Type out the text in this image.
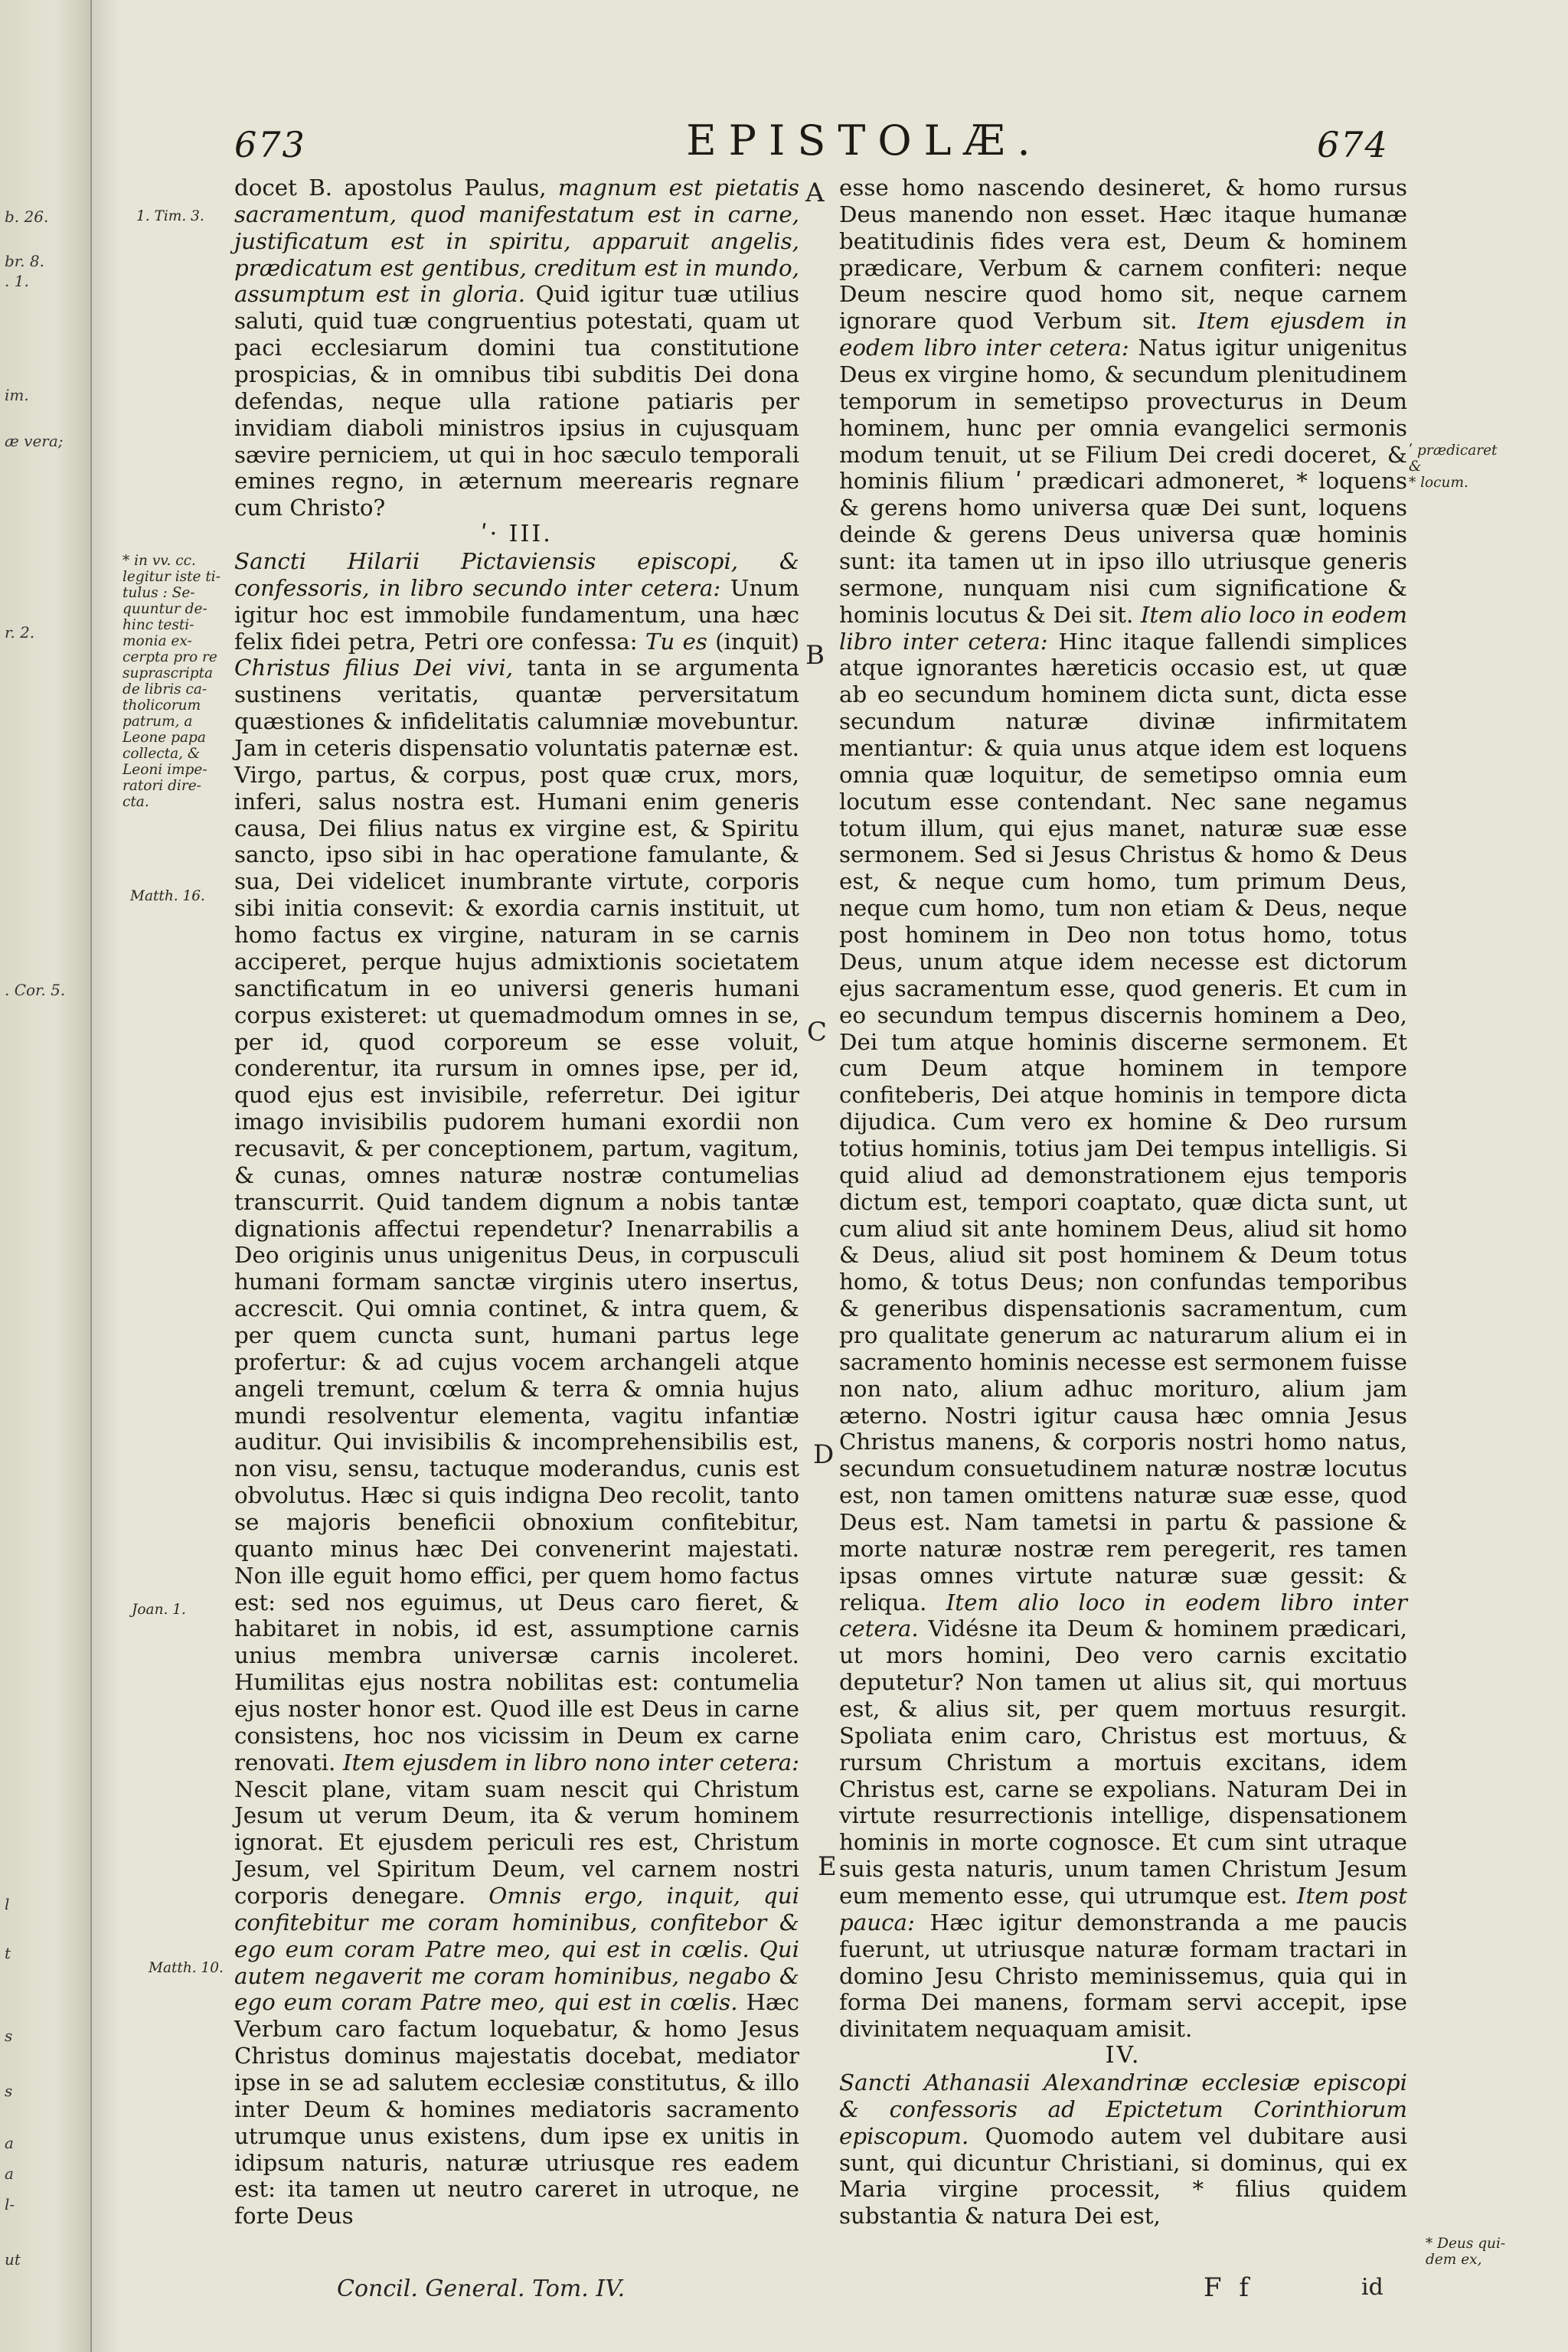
b. 26.
br. 8.
. 1.
im.
æ vera;
r. 2.
. Cor. 5.
l
t
s
s
a
a
l-
ut
673	EPISTOLÆ.	674
1. Tim. 3.
* in vv. cc.
legitur iste ti-
tulus : Se-
quuntur de-
hinc testi-
monia ex-
cerpta pro re
suprascripta
de libris ca-
tholicorum
patrum, a
Leone papa
collecta, &
Leoni impe-
ratori dire-
cta.
Matth. 16.
Joan. 1.
Matth. 10.
A
B
C
D
E
ʹ prædicaret
&
* locum.
* Deus qui-
dem ex,

docet B. apostolus Paulus, magnum est pietatis sacramentum, quod manifestatum est in carne, justificatum est in spiritu, apparuit angelis, prædicatum est gentibus, creditum est in mundo, assumptum est in gloria. Quid igitur tuæ utilius saluti, quid tuæ congruentius potestati, quam ut paci ecclesiarum domini tua constitutione prospicias, & in omnibus tibi subditis Dei dona defendas, neque ulla ratione patiaris per invidiam diaboli ministros ipsius in cujusquam sævire perniciem, ut qui in hoc sæculo temporali emines regno, in æternum meerearis regnare cum Christo?

ʹ· III.

Sancti Hilarii Pictaviensis episcopi, & confessoris, in libro secundo inter cetera: Unum igitur hoc est immobile fundamentum, una hæc felix fidei petra, Petri ore confessa: Tu es (inquit) Christus filius Dei vivi, tanta in se argumenta sustinens veritatis, quantæ perversitatum quæstiones & infidelitatis calumniæ movebuntur. Jam in ceteris dispensatio voluntatis paternæ est. Virgo, partus, & corpus, post quæ crux, mors, inferi, salus nostra est. Humani enim generis causa, Dei filius natus ex virgine est, & Spiritu sancto, ipso sibi in hac operatione famulante, & sua, Dei videlicet inumbrante virtute, corporis sibi initia consevit: & exordia carnis instituit, ut homo factus ex virgine, naturam in se carnis acciperet, perque hujus admixtionis societatem sanctificatum in eo universi generis humani corpus existeret: ut quemadmodum omnes in se, per id, quod corporeum se esse voluit, conderentur, ita rursum in omnes ipse, per id, quod ejus est invisibile, referretur. Dei igitur imago invisibilis pudorem humani exordii non recusavit, & per conceptionem, partum, vagitum, & cunas, omnes naturæ nostræ contumelias transcurrit. Quid tandem dignum a nobis tantæ dignationis affectui rependetur? Inenarrabilis a Deo originis unus unigenitus Deus, in corpusculi humani formam sanctæ virginis utero insertus, accrescit. Qui omnia continet, & intra quem, & per quem cuncta sunt, humani partus lege profertur: & ad cujus vocem archangeli atque angeli tremunt, cœlum & terra & omnia hujus mundi resolventur elementa, vagitu infantiæ auditur. Qui invisibilis & incomprehensibilis est, non visu, sensu, tactuque moderandus, cunis est obvolutus. Hæc si quis indigna Deo recolit, tanto se majoris beneficii obnoxium confitebitur, quanto minus hæc Dei convenerint majestati. Non ille eguit homo effici, per quem homo factus est: sed nos eguimus, ut Deus caro fieret, & habitaret in nobis, id est, assumptione carnis unius membra universæ carnis incoleret. Humilitas ejus nostra nobilitas est: contumelia ejus noster honor est. Quod ille est Deus in carne consistens, hoc nos vicissim in Deum ex carne renovati. Item ejusdem in libro nono inter cetera: Nescit plane, vitam suam nescit qui Christum Jesum ut verum Deum, ita & verum hominem ignorat. Et ejusdem periculi res est, Christum Jesum, vel Spiritum Deum, vel carnem nostri corporis denegare. Omnis ergo, inquit, qui confitebitur me coram hominibus, confitebor & ego eum coram Patre meo, qui est in cœlis. Qui autem negaverit me coram hominibus, negabo & ego eum coram Patre meo, qui est in cœlis. Hæc Verbum caro factum loquebatur, & homo Jesus Christus dominus majestatis docebat, mediator ipse in se ad salutem ecclesiæ constitutus, & illo inter Deum & homines mediatoris sacramento utrumque unus existens, dum ipse ex unitis in idipsum naturis, naturæ utriusque res eadem est: ita tamen ut neutro careret in utroque, ne forte Deus

Concil. General. Tom. IV.

esse homo nascendo desineret, & homo rursus Deus manendo non esset. Hæc itaque humanæ beatitudinis fides vera est, Deum & hominem prædicare, Verbum & carnem confiteri: neque Deum nescire quod homo sit, neque carnem ignorare quod Verbum sit. Item ejusdem in eodem libro inter cetera: Natus igitur unigenitus Deus ex virgine homo, & secundum plenitudinem temporum in semetipso provecturus in Deum hominem, hunc per omnia evangelici sermonis modum tenuit, ut se Filium Dei credi doceret, & hominis filium ʹ prædicari admoneret, * loquens & gerens homo universa quæ Dei sunt, loquens deinde & gerens Deus universa quæ hominis sunt: ita tamen ut in ipso illo utriusque generis sermone, nunquam nisi cum significatione & hominis locutus & Dei sit. Item alio loco in eodem libro inter cetera: Hinc itaque fallendi simplices atque ignorantes hæreticis occasio est, ut quæ ab eo secundum hominem dicta sunt, dicta esse secundum naturæ divinæ infirmitatem mentiantur: & quia unus atque idem est loquens omnia quæ loquitur, de semetipso omnia eum locutum esse contendant. Nec sane negamus totum illum, qui ejus manet, naturæ suæ esse sermonem. Sed si Jesus Christus & homo & Deus est, & neque cum homo, tum primum Deus, neque cum homo, tum non etiam & Deus, neque post hominem in Deo non totus homo, totus Deus, unum atque idem necesse est dictorum ejus sacramentum esse, quod generis. Et cum in eo secundum tempus discernis hominem a Deo, Dei tum atque hominis discerne sermonem. Et cum Deum atque hominem in tempore confiteberis, Dei atque hominis in tempore dicta dijudica. Cum vero ex homine & Deo rursum totius hominis, totius jam Dei tempus intelligis. Si quid aliud ad demonstrationem ejus temporis dictum est, tempori coaptato, quæ dicta sunt, ut cum aliud sit ante hominem Deus, aliud sit homo & Deus, aliud sit post hominem & Deum totus homo, & totus Deus; non confundas temporibus & generibus dispensationis sacramentum, cum pro qualitate generum ac naturarum alium ei in sacramento hominis necesse est sermonem fuisse non nato, alium adhuc morituro, alium jam æterno. Nostri igitur causa hæc omnia Jesus Christus manens, & corporis nostri homo natus, secundum consuetudinem naturæ nostræ locutus est, non tamen omittens naturæ suæ esse, quod Deus est. Nam tametsi in partu & passione & morte naturæ nostræ rem peregerit, res tamen ipsas omnes virtute naturæ suæ gessit: & reliqua. Item alio loco in eodem libro inter cetera. Vidésne ita Deum & hominem prædicari, ut mors homini, Deo vero carnis excitatio deputetur? Non tamen ut alius sit, qui mortuus est, & alius sit, per quem mortuus resurgit. Spoliata enim caro, Christus est mortuus, & rursum Christum a mortuis excitans, idem Christus est, carne se expolians. Naturam Dei in virtute resurrectionis intellige, dispensationem hominis in morte cognosce. Et cum sint utraque suis gesta naturis, unum tamen Christum Jesum eum memento esse, qui utrumque est. Item post pauca: Hæc igitur demonstranda a me paucis fuerunt, ut utriusque naturæ formam tractari in domino Jesu Christo meminissemus, quia qui in forma Dei manens, formam servi accepit, ipse divinitatem nequaquam amisit.

IV.

Sancti Athanasii Alexandrinæ ecclesiæ episcopi & confessoris ad Epictetum Corinthiorum episcopum. Quomodo autem vel dubitare ausi sunt, qui dicuntur Christiani, si dominus, qui ex Maria virgine processit, * filius quidem substantia & natura Dei est,

F f	id
